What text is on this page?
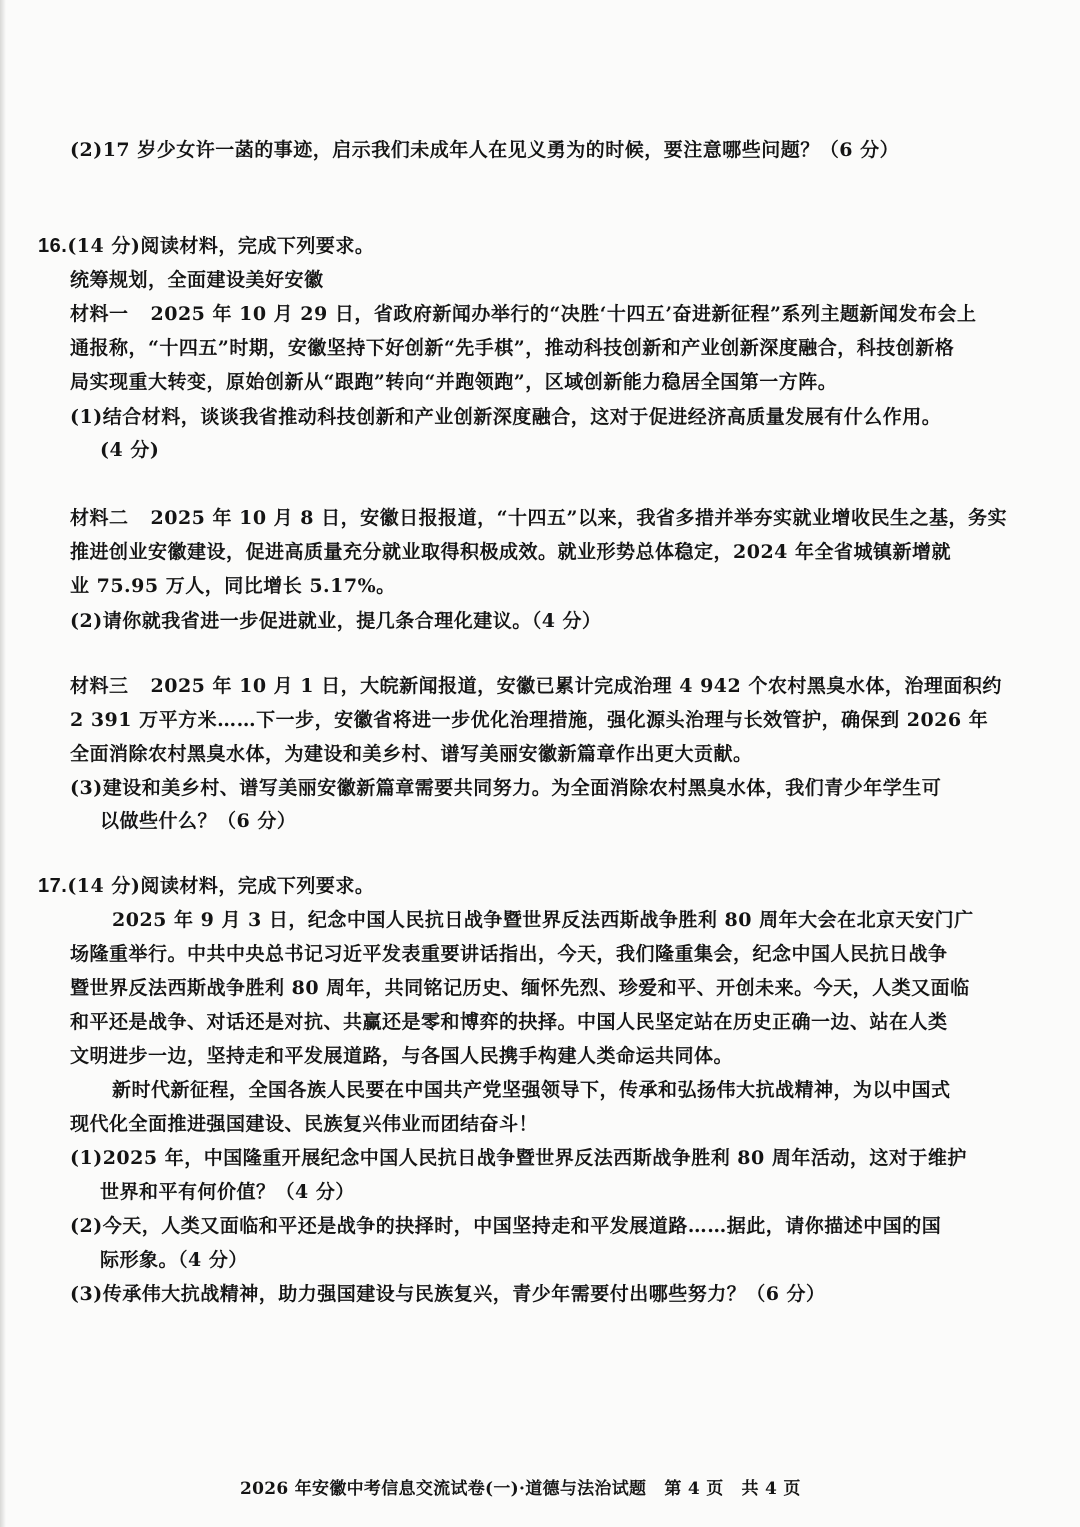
(2)17 岁少女许一菡的事迹，启示我们未成年人在见义勇为的时候，要注意哪些问题？（6 分）
16.(14 分)阅读材料，完成下列要求。
统筹规划，全面建设美好安徽
材料一 2025 年 10 月 29 日，省政府新闻办举行的“决胜‘十四五’奋进新征程”系列主题新闻发布会上
通报称，“十四五”时期，安徽坚持下好创新“先手棋”，推动科技创新和产业创新深度融合，科技创新格
局实现重大转变，原始创新从“跟跑”转向“并跑领跑”，区域创新能力稳居全国第一方阵。
(1)结合材料，谈谈我省推动科技创新和产业创新深度融合，这对于促进经济高质量发展有什么作用。
(4 分)
材料二 2025 年 10 月 8 日，安徽日报报道，“十四五”以来，我省多措并举夯实就业增收民生之基，务实
推进创业安徽建设，促进高质量充分就业取得积极成效。就业形势总体稳定，2024 年全省城镇新增就
业 75.95 万人，同比增长 5.17%。
(2)请你就我省进一步促进就业，提几条合理化建议。（4 分）
材料三 2025 年 10 月 1 日，大皖新闻报道，安徽已累计完成治理 4 942 个农村黑臭水体，治理面积约
2 391 万平方米……下一步，安徽省将进一步优化治理措施，强化源头治理与长效管护，确保到 2026 年
全面消除农村黑臭水体，为建设和美乡村、谱写美丽安徽新篇章作出更大贡献。
(3)建设和美乡村、谱写美丽安徽新篇章需要共同努力。为全面消除农村黑臭水体，我们青少年学生可
以做些什么？（6 分）
17.(14 分)阅读材料，完成下列要求。
2025 年 9 月 3 日，纪念中国人民抗日战争暨世界反法西斯战争胜利 80 周年大会在北京天安门广
场隆重举行。中共中央总书记习近平发表重要讲话指出，今天，我们隆重集会，纪念中国人民抗日战争
暨世界反法西斯战争胜利 80 周年，共同铭记历史、缅怀先烈、珍爱和平、开创未来。今天，人类又面临
和平还是战争、对话还是对抗、共赢还是零和博弈的抉择。中国人民坚定站在历史正确一边、站在人类
文明进步一边，坚持走和平发展道路，与各国人民携手构建人类命运共同体。
新时代新征程，全国各族人民要在中国共产党坚强领导下，传承和弘扬伟大抗战精神，为以中国式
现代化全面推进强国建设、民族复兴伟业而团结奋斗！
(1)2025 年，中国隆重开展纪念中国人民抗日战争暨世界反法西斯战争胜利 80 周年活动，这对于维护
世界和平有何价值？（4 分）
(2)今天，人类又面临和平还是战争的抉择时，中国坚持走和平发展道路……据此，请你描述中国的国
际形象。（4 分）
(3)传承伟大抗战精神，助力强国建设与民族复兴，青少年需要付出哪些努力？（6 分）
2026 年安徽中考信息交流试卷(一)·道德与法治试题 第 4 页 共 4 页
